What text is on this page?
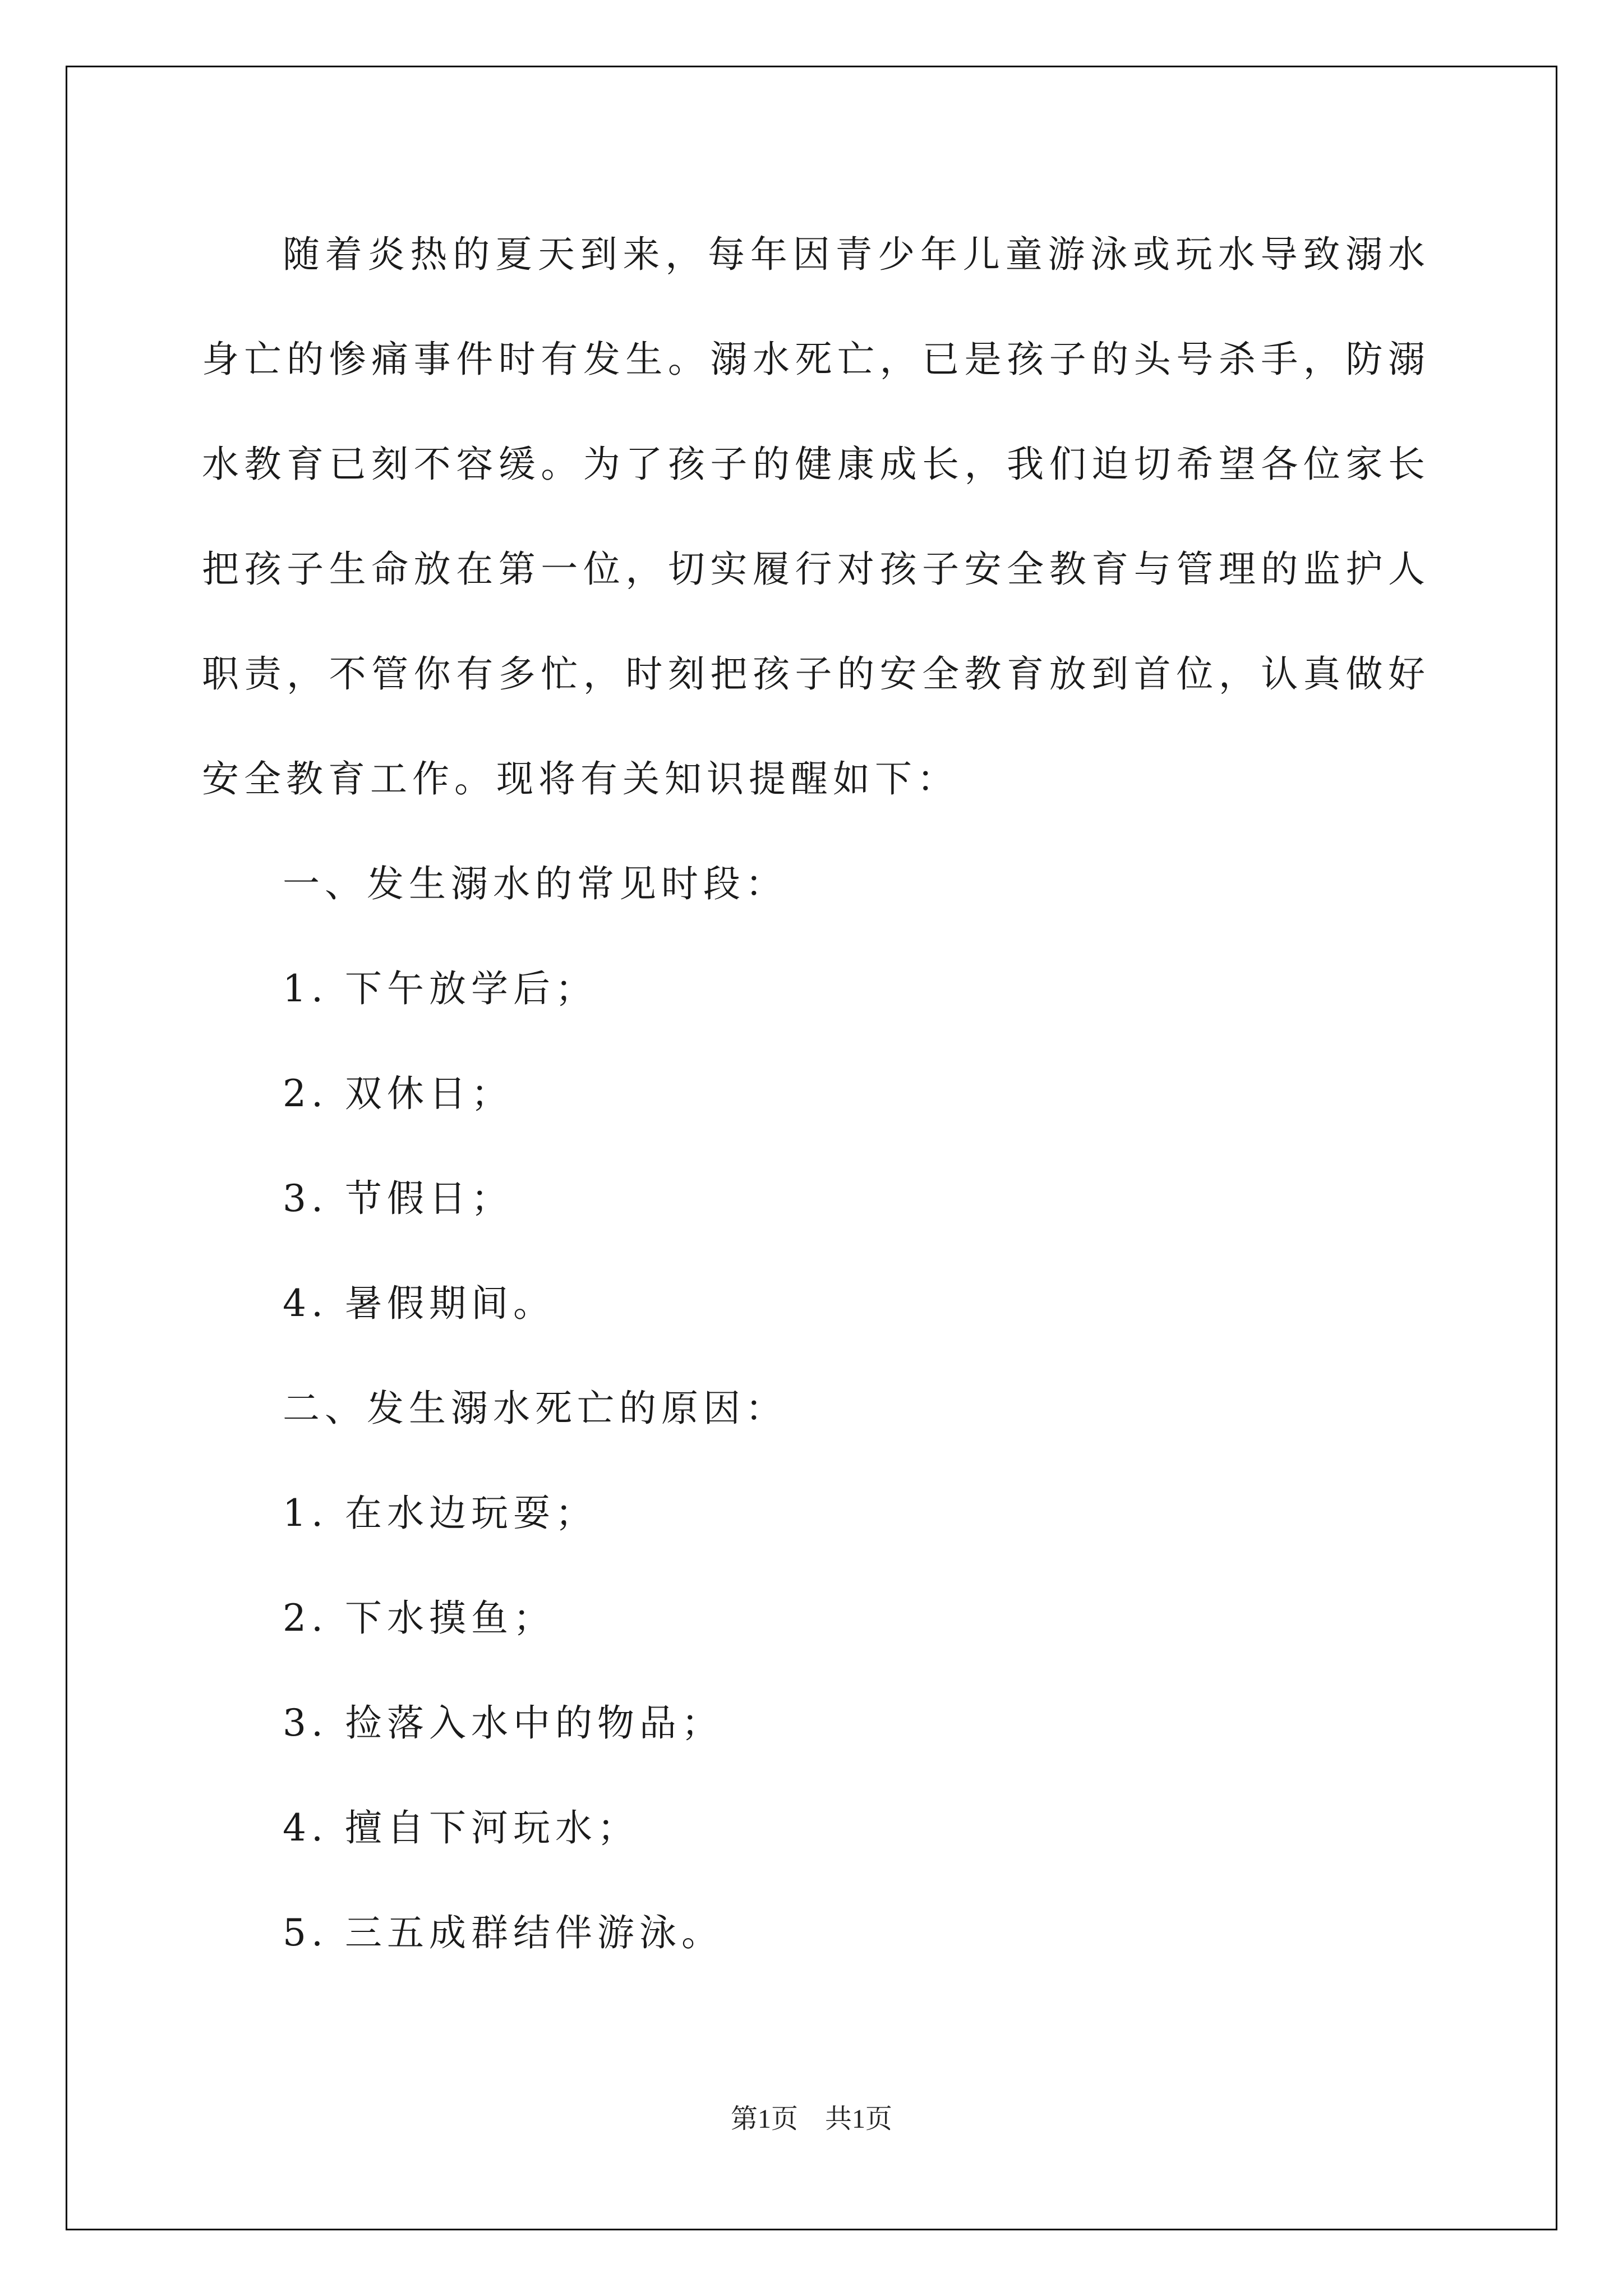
随着炎热的夏天到来，每年因青少年儿童游泳或玩水导致溺水身亡的惨痛事件时有发生。溺水死亡，已是孩子的头号杀手，防溺水教育已刻不容缓。为了孩子的健康成长，我们迫切希望各位家长把孩子生命放在第一位，切实履行对孩子安全教育与管理的监护人职责，不管你有多忙，时刻把孩子的安全教育放到首位，认真做好安全教育工作。现将有关知识提醒如下：

一、发生溺水的常见时段：

1. 下午放学后；

2. 双休日；

3. 节假日；

4. 暑假期间。

二、发生溺水死亡的原因：

1. 在水边玩耍；

2. 下水摸鱼；

3. 捡落入水中的物品；

4. 擅自下河玩水；

5. 三五成群结伴游泳。

第1页 共1页
